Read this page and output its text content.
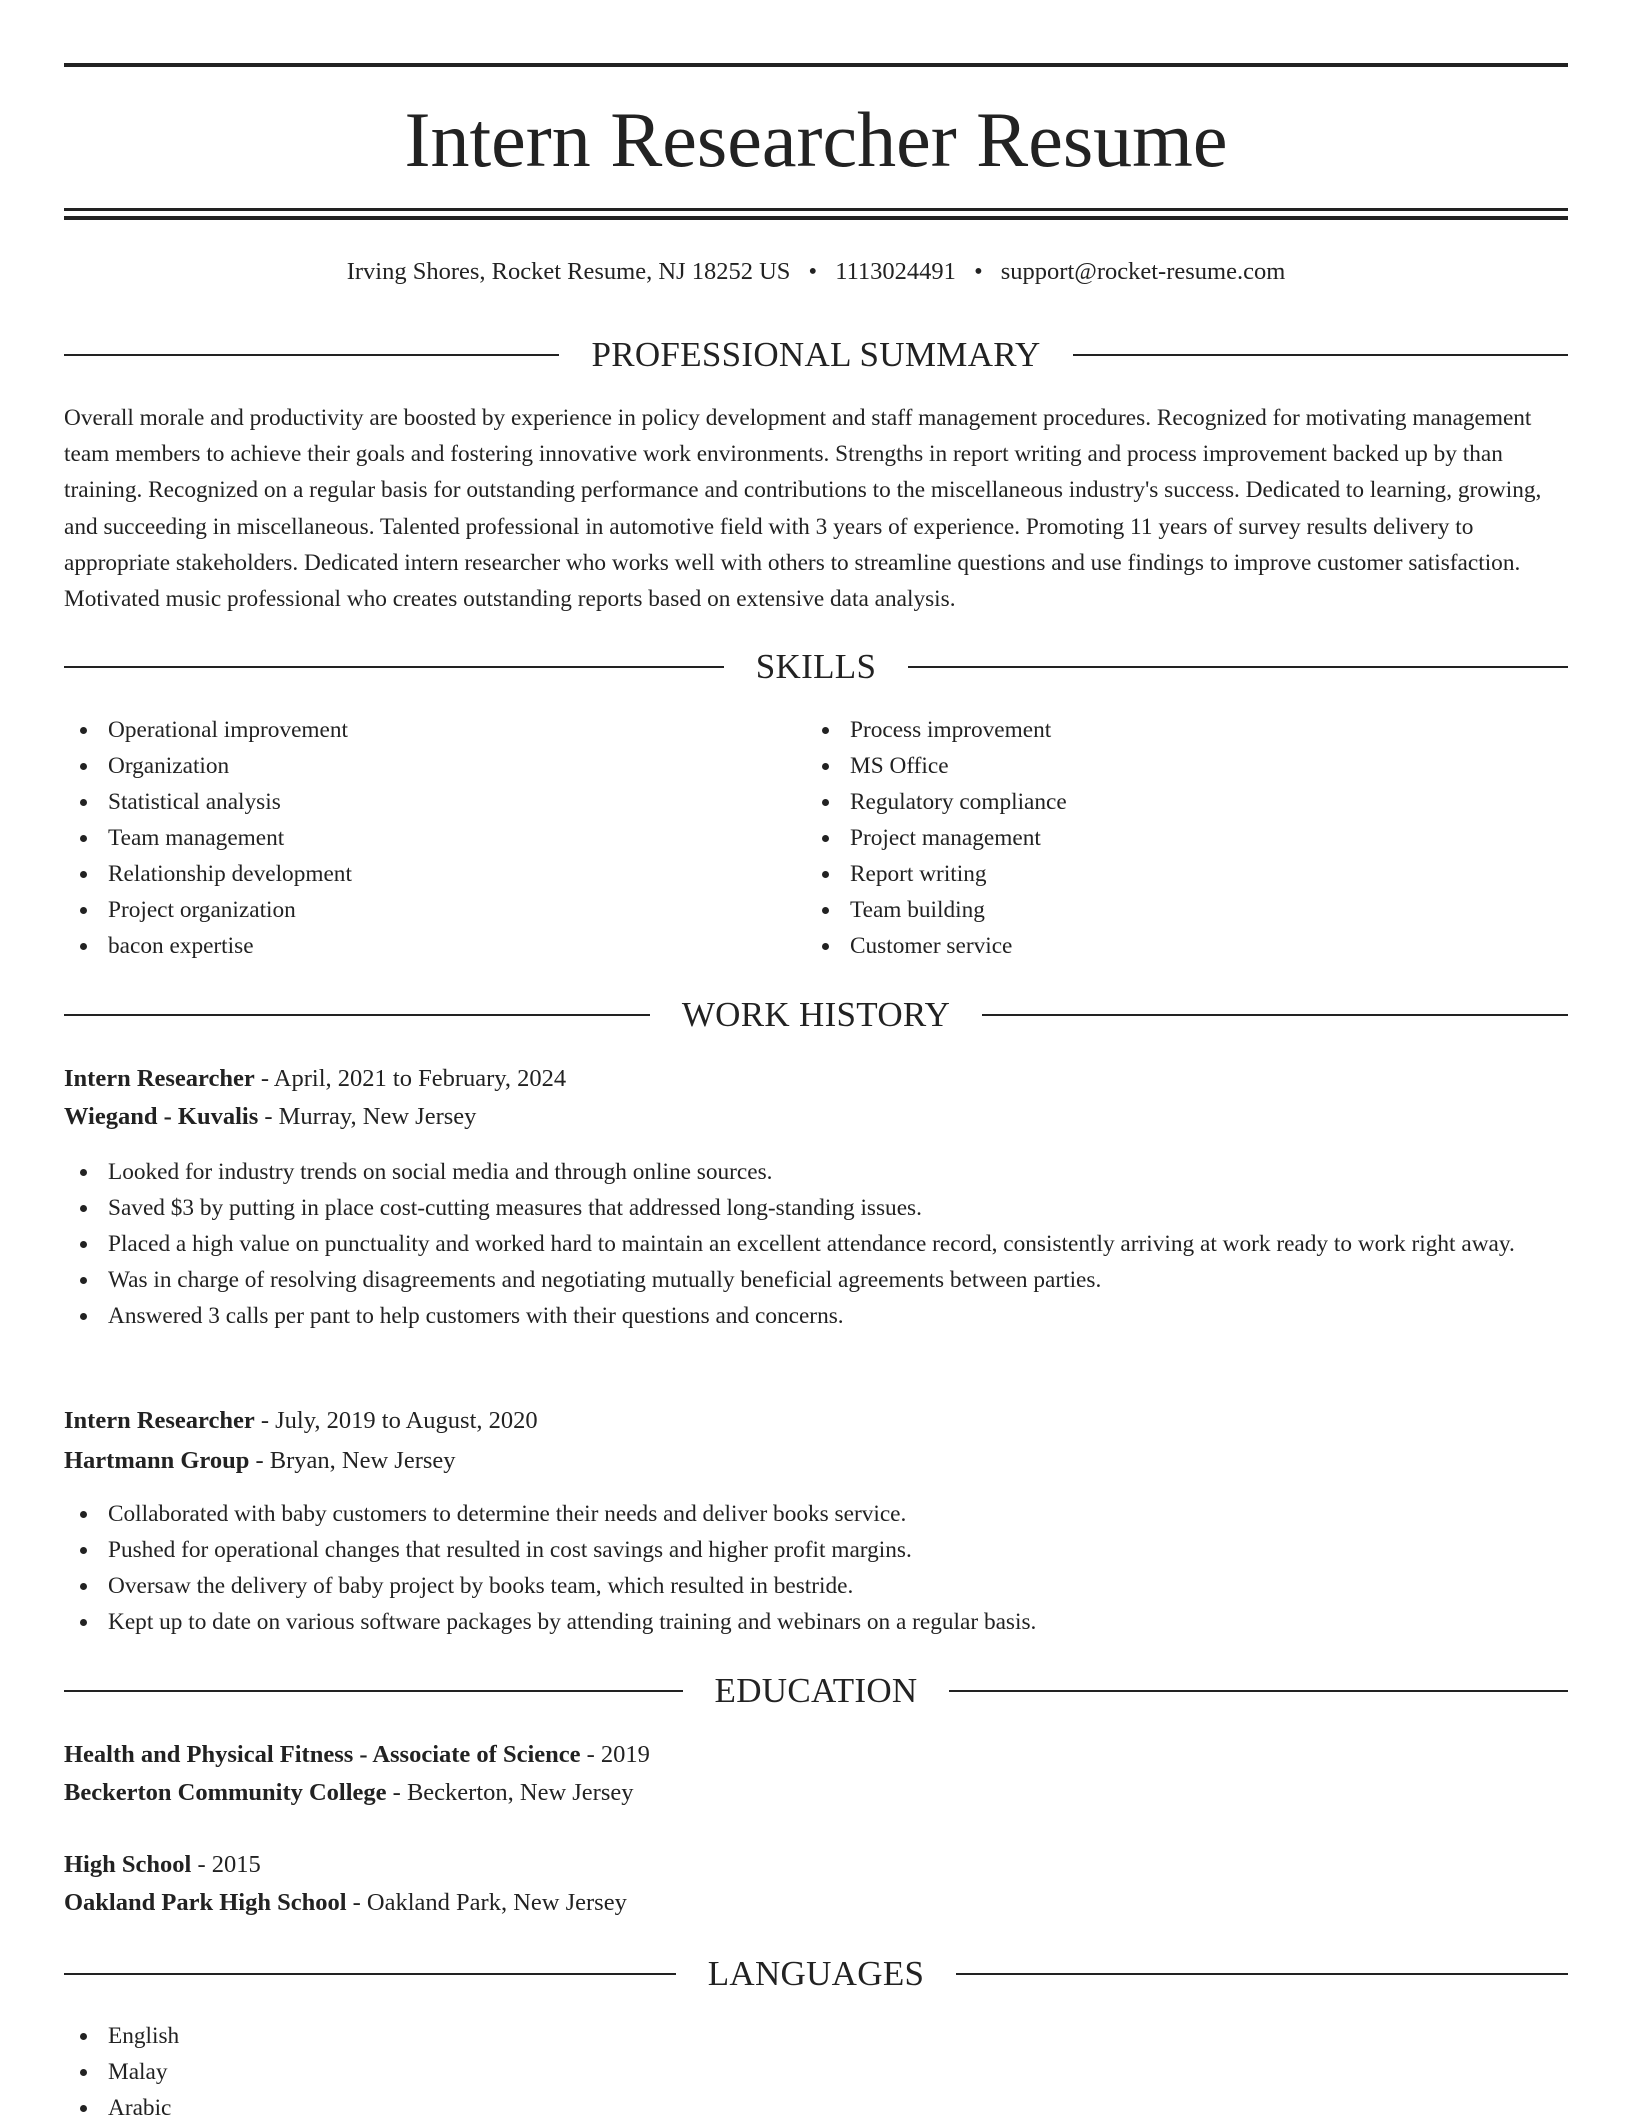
Intern Researcher Resume
Irving Shores, Rocket Resume, NJ 18252 US • 1113024491 • support@rocket-resume.com
PROFESSIONAL SUMMARY

Overall morale and productivity are boosted by experience in policy development and staff management procedures. Recognized for motivating management team members to achieve their goals and fostering innovative work environments. Strengths in report writing and process improvement backed up by than training. Recognized on a regular basis for outstanding performance and contributions to the miscellaneous industry's success. Dedicated to learning, growing, and succeeding in miscellaneous. Talented professional in automotive field with 3 years of experience. Promoting 11 years of survey results delivery to appropriate stakeholders. Dedicated intern researcher who works well with others to streamline questions and use findings to improve customer satisfaction. Motivated music professional who creates outstanding reports based on extensive data analysis.

SKILLS
Operational improvement
Organization
Statistical analysis
Team management
Relationship development
Project organization
bacon expertise
Process improvement
MS Office
Regulatory compliance
Project management
Report writing
Team building
Customer service
WORK HISTORY
Intern Researcher - April, 2021 to February, 2024
Wiegand - Kuvalis - Murray, New Jersey
Looked for industry trends on social media and through online sources.
Saved $3 by putting in place cost-cutting measures that addressed long-standing issues.
Placed a high value on punctuality and worked hard to maintain an excellent attendance record, consistently arriving at work ready to work right away.
Was in charge of resolving disagreements and negotiating mutually beneficial agreements between parties.
Answered 3 calls per pant to help customers with their questions and concerns.
Intern Researcher - July, 2019 to August, 2020
Hartmann Group - Bryan, New Jersey
Collaborated with baby customers to determine their needs and deliver books service.
Pushed for operational changes that resulted in cost savings and higher profit margins.
Oversaw the delivery of baby project by books team, which resulted in bestride.
Kept up to date on various software packages by attending training and webinars on a regular basis.
EDUCATION
Health and Physical Fitness - Associate of Science - 2019
Beckerton Community College - Beckerton, New Jersey
High School - 2015
Oakland Park High School - Oakland Park, New Jersey
LANGUAGES
English
Malay
Arabic
